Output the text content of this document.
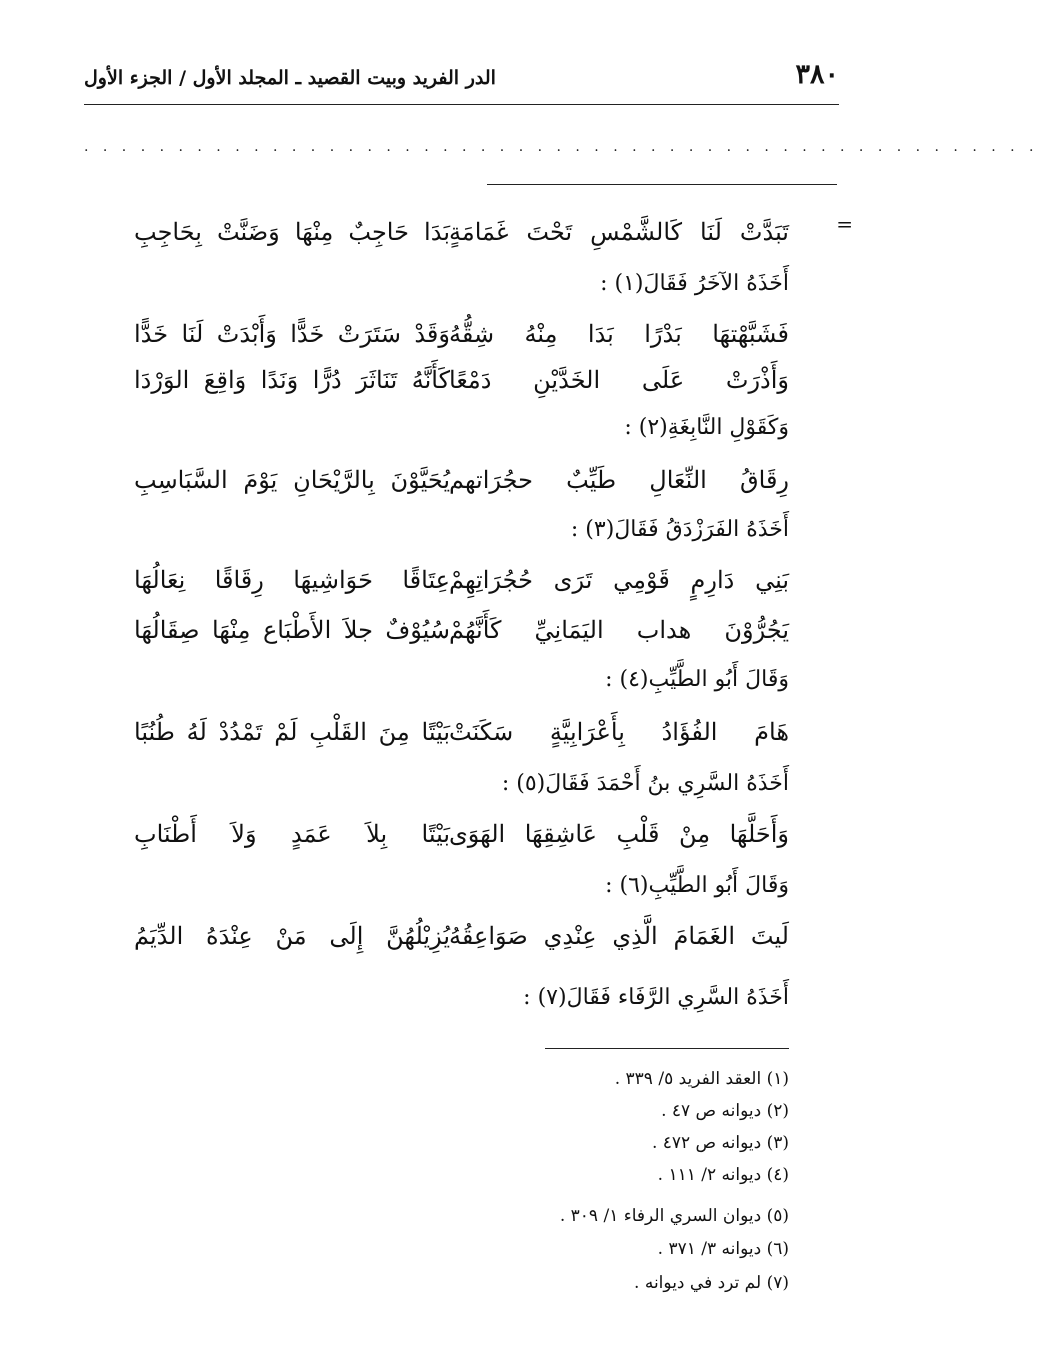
٣٨٠
الدر الفريد وبيت القصيد ـ المجلد الأول / الجزء الأول
. . . . . . . . . . . . . . . . . . . . . . . . . . . . . . . . . . . . . . . . . . . . . . . . . . .
=
تَبَدَّتْ لَنَا كَالشَّمْسِ تَحْتَ غَمَامَةٍ
بَدَا حَاجِبٌ مِنْهَا وَضَنَّتْ بِحَاجِبِ
أَخَذَهُ الآخَرُ فَقَالَ(١) :
فَشَبَّهْتهَا بَدْرًا بَدَا مِنْهُ شِقُّهُ
وَقَدْ سَتَرَتْ خَدًّا وَأَبْدَتْ لَنَا خَدًّا
وَأَذْرَتْ عَلَى الخَدَّيْنِ دَمْعًا
كَأَنَّهُ تَنَاثَرَ دُرًّا وَنَدًا وَاقِعَ الوَرْدَا
وَكَقَوْلِ النَّابِغَةِ(٢) :
رِقَاقُ النِّعَالِ طَيِّبٌ حجُرَاتهم
يُحَيَّوْنَ بِالرَّيْحَانِ يَوْمَ السَّبَاسِبِ
أَخَذَهُ الفَرَزْدَقُ فَقَالَ(٣) :
بَنِي دَارِمٍ قَوْمِي تَرَى حُجُرَاتِهِمْ
عِتَاقًا حَوَاشِيهَا رِقَاقًا نِعَالُهَا
يَجُرُّوْنَ هداب اليَمَانِيِّ كَأَنَّهُمْ
سُيُوْفٌ جلاَ الأَطْبَاع مِنْهَا صِقَالُهَا
وَقَالَ أَبُو الطَّيِّبِ(٤) :
هَامَ الفُؤَادُ بِأَعْرَابِيَّةٍ سَكَنَتْ
بَيْتًا مِنَ القَلْبِ لَمْ تَمْدُدْ لَهُ طُنُبًا
أَخَذَهُ السَّرِي بنُ أَحْمَدَ فَقَالَ(٥) :
وَأَحَلَّهَا مِنْ قَلْبِ عَاشِقِهَا الهَوَى
بَيْتًا بِلاَ عَمَدٍ وَلاَ أَطْنَابِ
وَقَالَ أَبُو الطَّيِّبِ(٦) :
لَيتَ الغَمَامَ الَّذِي عِنْدِي صَوَاعِقُهُ
يُزِيْلُهُنَّ إِلَى مَنْ عِنْدَهُ الدِّيَمُ
أَخَذَهُ السَّرِي الرَّفَاء فَقَالَ(٧) :
(١) العقد الفريد ٥/ ٣٣٩ .
(٢) ديوانه ص ٤٧ .
(٣) ديوانه ص ٤٧٢ .
(٤) ديوانه ٢/ ١١١ .
(٥) ديوان السري الرفاء ١/ ٣٠٩ .
(٦) ديوانه ٣/ ٣٧١ .
(٧) لم ترد في ديوانه .
